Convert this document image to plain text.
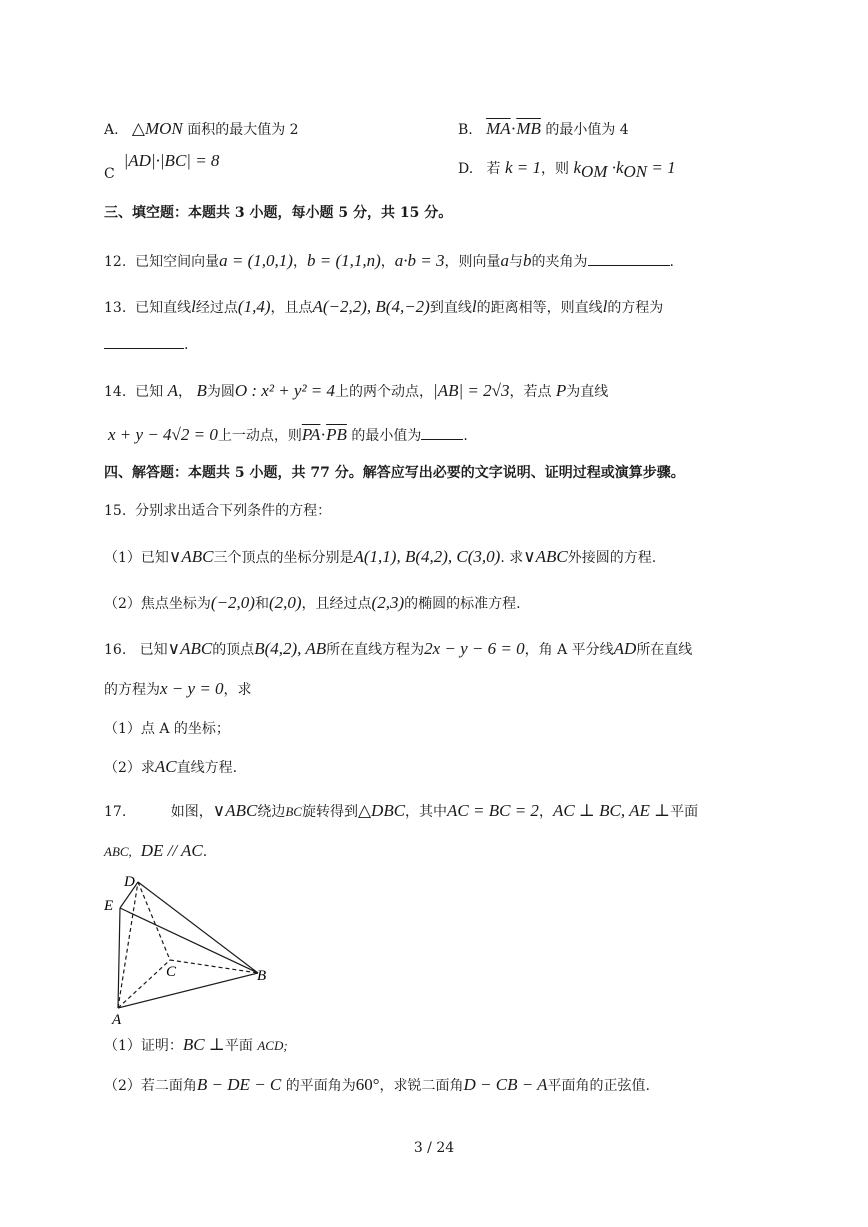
A. △MON 面积的最大值为 2	B. $\overline{MA}\cdot\overline{MB}$ 的最小值为 4
C  |AD|·|BC| = 8	D. 若 k = 1，则 $k_{OM} \cdot k_{ON} = 1$
三、填空题：本题共 3 小题，每小题 5 分，共 15 分。
12. 已知空间向量a = (1,0,1)，b = (1,1,n)，a·b = 3，则向量a与b的夹角为	.
13. 已知直线l经过点(1,4)，且点A(−2,2), B(4,−2)到直线l的距离相等，则直线l的方程为
.
14. 已知 A， B为圆O : x² + y² = 4上的两个动点，|AB| = 2√3，若点 P为直线
x + y − 4√2 = 0上一动点，则$\overline{PA}\cdot\overline{PB}$ 的最小值为	.
四、解答题：本题共 5 小题，共 77 分。解答应写出必要的文字说明、证明过程或演算步骤。
15. 分别求出适合下列条件的方程：
（1）已知∨ABC三个顶点的坐标分别是A(1,1), B(4,2), C(3,0). 求∨ABC外接圆的方程.
（2）焦点坐标为(−2,0)和(2,0)，且经过点(2,3)的椭圆的标准方程.
16. 已知∨ABC的顶点B(4,2), AB所在直线方程为2x − y − 6 = 0，角 A 平分线AD所在直线
的方程为x − y = 0，求
（1）点 A 的坐标；
（2）求AC直线方程.
17.	如图，∨ABC绕边BC旋转得到△DBC，其中AC = BC = 2，AC ⊥ BC, AE ⊥平面
ABC, DE // AC.
D
E
C	B
A
（1）证明：BC ⊥平面 ACD;
（2）若二面角B − DE − C 的平面角为60°，求锐二面角D − CB − A平面角的正弦值.
3 / 24
